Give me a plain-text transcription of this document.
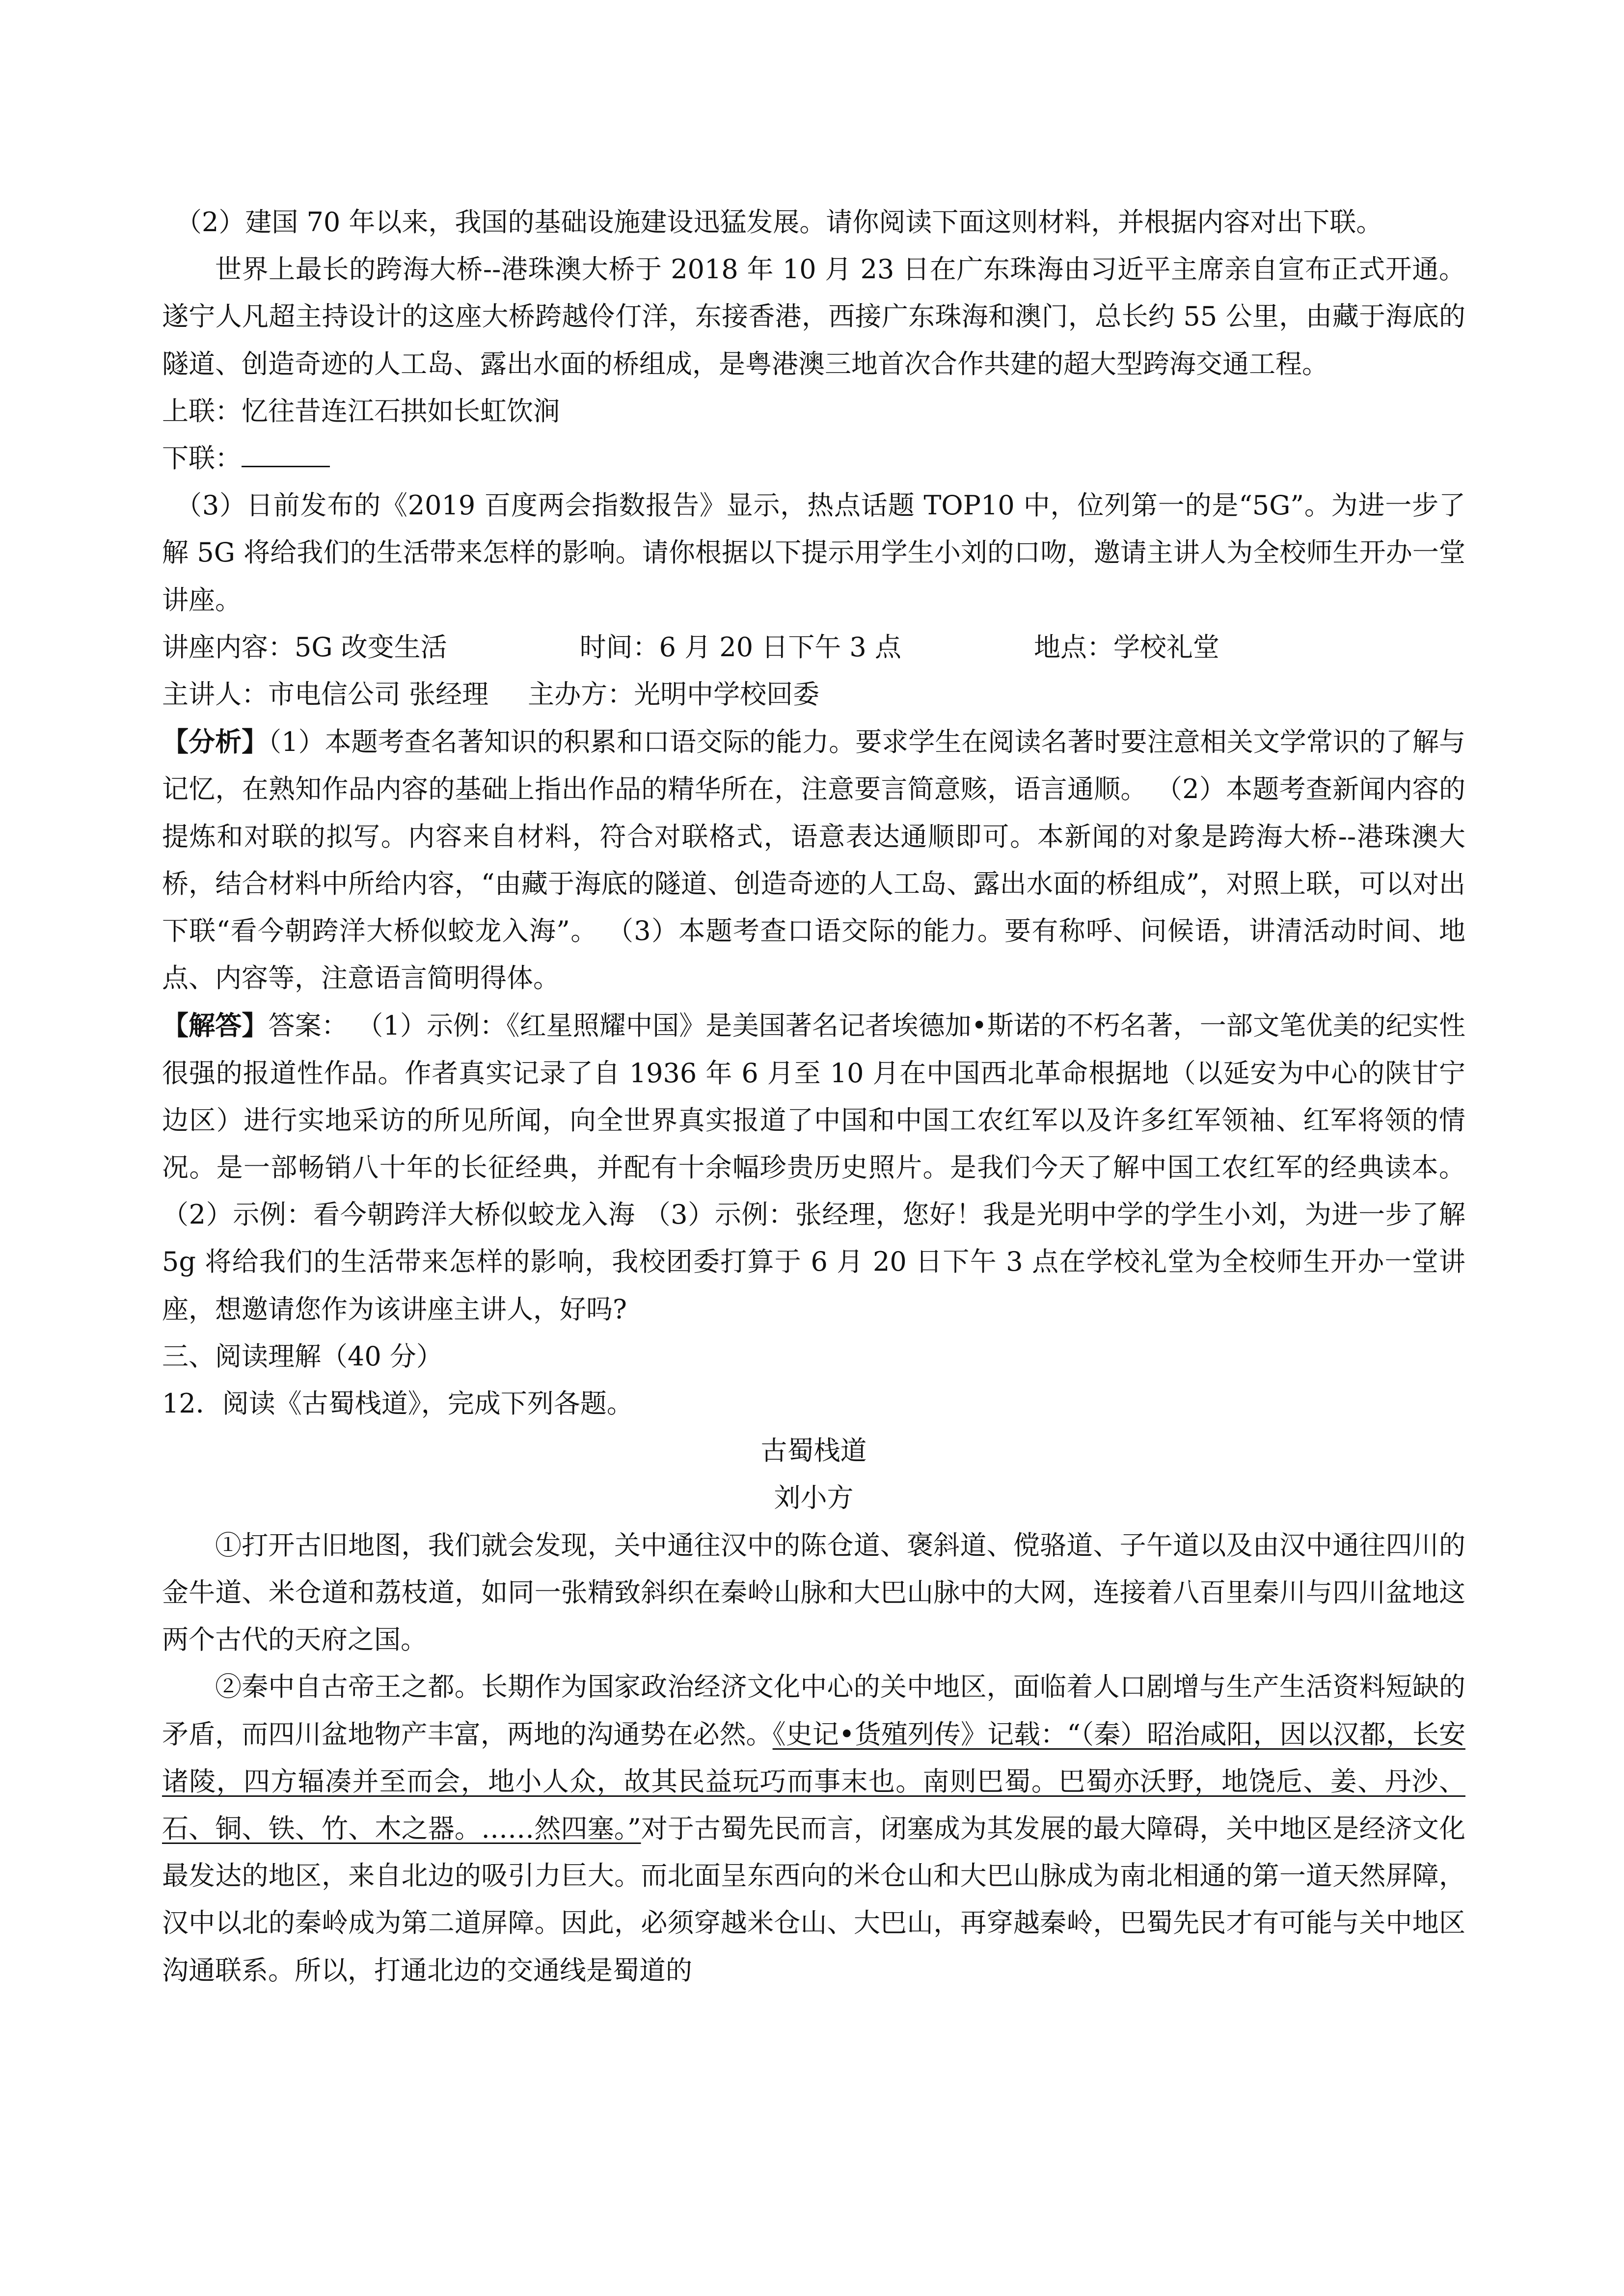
（2）建国 70 年以来，我国的基础设施建设迅猛发展。请你阅读下面这则材料，并根据内容对出下联。

世界上最长的跨海大桥--港珠澳大桥于 2018 年 10 月 23 日在广东珠海由习近平主席亲自宣布正式开通。遂宁人凡超主持设计的这座大桥跨越伶仃洋，东接香港，西接广东珠海和澳门，总长约 55 公里，由藏于海底的隧道、创造奇迹的人工岛、露出水面的桥组成，是粤港澳三地首次合作共建的超大型跨海交通工程。

上联：忆往昔连江石拱如长虹饮涧

下联：

（3）日前发布的《2019 百度两会指数报告》显示，热点话题 TOP10 中，位列第一的是“5G”。为进一步了解 5G 将给我们的生活带来怎样的影响。请你根据以下提示用学生小刘的口吻，邀请主讲人为全校师生开办一堂讲座。

讲座内容：5G 改变生活	时间：6 月 20 日下午 3 点	地点：学校礼堂

主讲人：市电信公司 张经理 主办方：光明中学校回委

【分析】（1）本题考查名著知识的积累和口语交际的能力。要求学生在阅读名著时要注意相关文学常识的了解与记忆，在熟知作品内容的基础上指出作品的精华所在，注意要言简意赅，语言通顺。 （2）本题考查新闻内容的提炼和对联的拟写。内容来自材料，符合对联格式，语意表达通顺即可。本新闻的对象是跨海大桥--港珠澳大桥，结合材料中所给内容，“由藏于海底的隧道、创造奇迹的人工岛、露出水面的桥组成”，对照上联，可以对出下联“看今朝跨洋大桥似蛟龙入海”。 （3）本题考查口语交际的能力。要有称呼、问候语，讲清活动时间、地点、内容等，注意语言简明得体。

【解答】答案： （1）示例：《红星照耀中国》是美国著名记者埃德加•斯诺的不朽名著，一部文笔优美的纪实性很强的报道性作品。作者真实记录了自 1936 年 6 月至 10 月在中国西北革命根据地（以延安为中心的陕甘宁边区）进行实地采访的所见所闻，向全世界真实报道了中国和中国工农红军以及许多红军领袖、红军将领的情况。是一部畅销八十年的长征经典，并配有十余幅珍贵历史照片。是我们今天了解中国工农红军的经典读本。 （2）示例：看今朝跨洋大桥似蛟龙入海 （3）示例：张经理，您好！我是光明中学的学生小刘，为进一步了解 5g 将给我们的生活带来怎样的影响，我校团委打算于 6 月 20 日下午 3 点在学校礼堂为全校师生开办一堂讲座，想邀请您作为该讲座主讲人，好吗?

三、阅读理解（40 分）

12．阅读《古蜀栈道》，完成下列各题。

古蜀栈道

刘小方

①打开古旧地图，我们就会发现，关中通往汉中的陈仓道、褒斜道、傥骆道、子午道以及由汉中通往四川的金牛道、米仓道和荔枝道，如同一张精致斜织在秦岭山脉和大巴山脉中的大网，连接着八百里秦川与四川盆地这两个古代的天府之国。

②秦中自古帝王之都。长期作为国家政治经济文化中心的关中地区，面临着人口剧增与生产生活资料短缺的矛盾，而四川盆地物产丰富，两地的沟通势在必然。《史记•货殖列传》记载：“（秦）昭治咸阳，因以汉都，长安诸陵，四方辐凑并至而会，地小人众，故其民益玩巧而事末也。南则巴蜀。巴蜀亦沃野，地饶卮、姜、丹沙、石、铜、铁、竹、木之器。……然四塞。”对于古蜀先民而言，闭塞成为其发展的最大障碍，关中地区是经济文化最发达的地区，来自北边的吸引力巨大。而北面呈东西向的米仓山和大巴山脉成为南北相通的第一道天然屏障，汉中以北的秦岭成为第二道屏障。因此，必须穿越米仓山、大巴山，再穿越秦岭，巴蜀先民才有可能与关中地区沟通联系。所以，打通北边的交通线是蜀道的
